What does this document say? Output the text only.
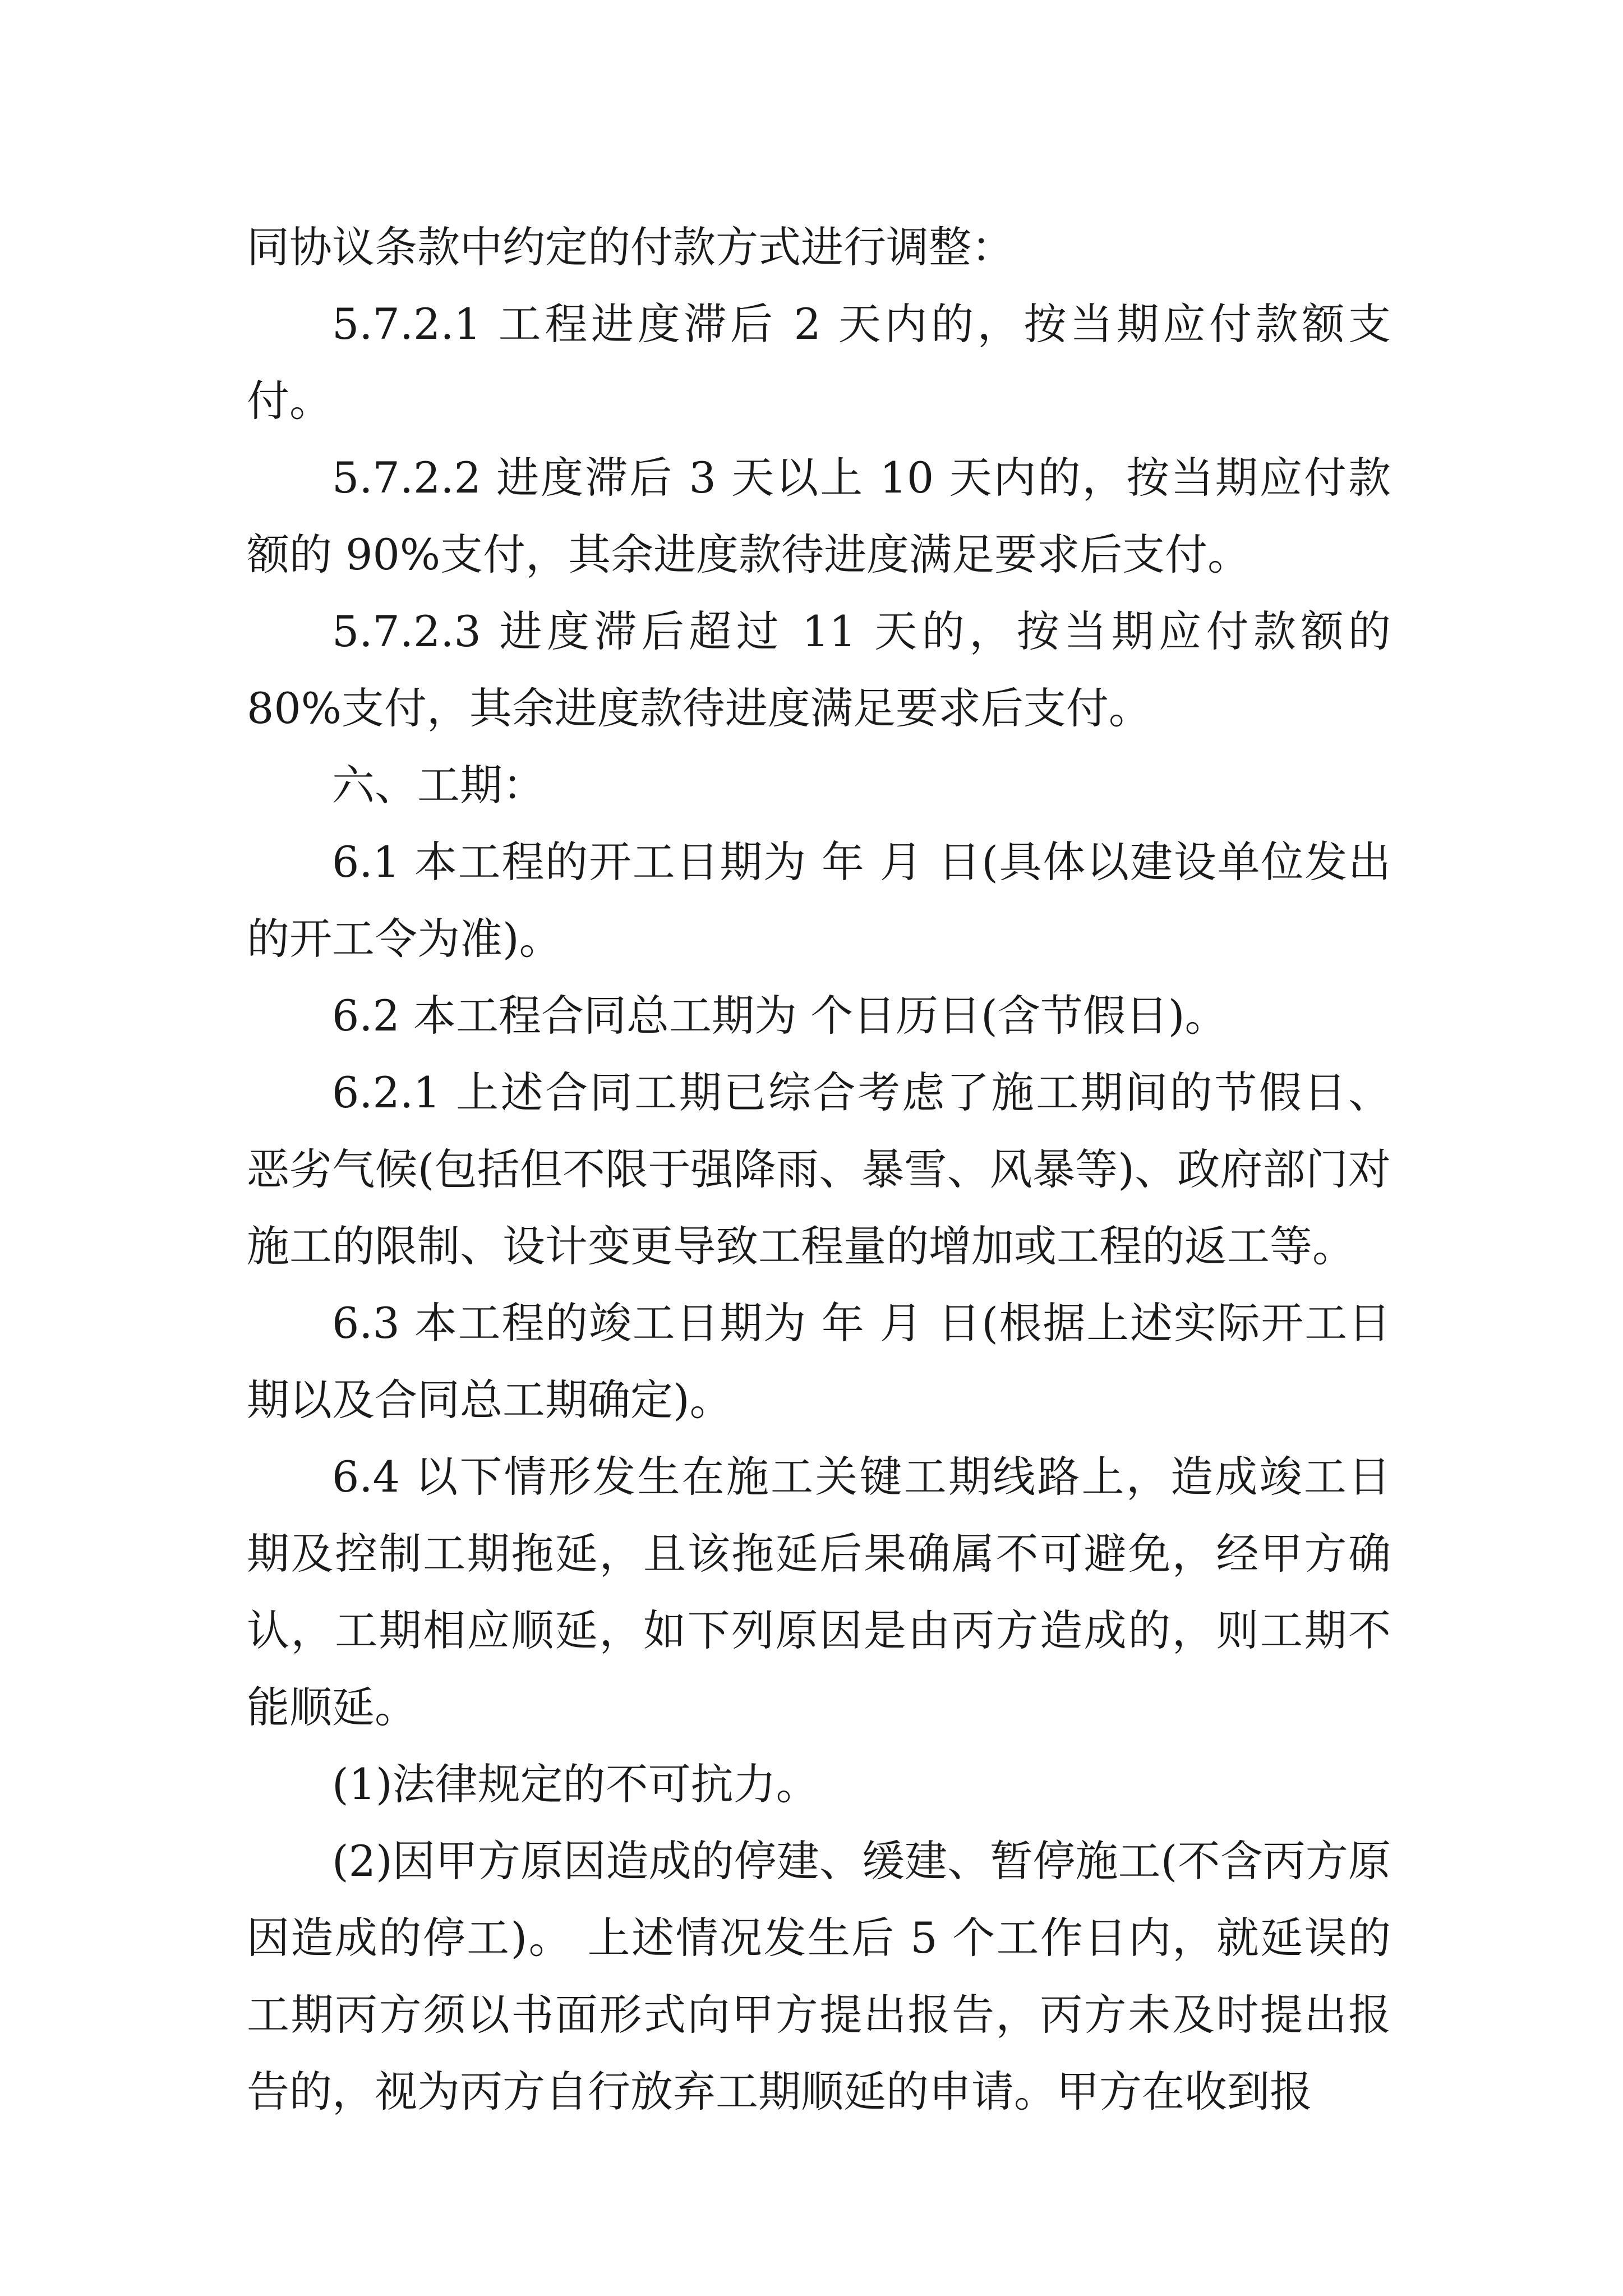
同协议条款中约定的付款方式进行调整：

5.7.2.1 工程进度滞后 2 天内的，按当期应付款额支付。

5.7.2.2 进度滞后 3 天以上 10 天内的，按当期应付款额的 90%支付，其余进度款待进度满足要求后支付。

5.7.2.3 进度滞后超过 11 天的，按当期应付款额的 80%支付，其余进度款待进度满足要求后支付。

六、工期：

6.1 本工程的开工日期为 年 月 日(具体以建设单位发出的开工令为准)。

6.2 本工程合同总工期为 个日历日(含节假日)。

6.2.1 上述合同工期已综合考虑了施工期间的节假日、恶劣气候(包括但不限于强降雨、暴雪、风暴等)、政府部门对施工的限制、设计变更导致工程量的增加或工程的返工等。

6.3 本工程的竣工日期为 年 月 日(根据上述实际开工日期以及合同总工期确定)。

6.4 以下情形发生在施工关键工期线路上，造成竣工日期及控制工期拖延，且该拖延后果确属不可避免，经甲方确认，工期相应顺延，如下列原因是由丙方造成的，则工期不能顺延。

(1)法律规定的不可抗力。

(2)因甲方原因造成的停建、缓建、暂停施工(不含丙方原因造成的停工)。 上述情况发生后 5 个工作日内，就延误的工期丙方须以书面形式向甲方提出报告，丙方未及时提出报告的，视为丙方自行放弃工期顺延的申请。甲方在收到报
